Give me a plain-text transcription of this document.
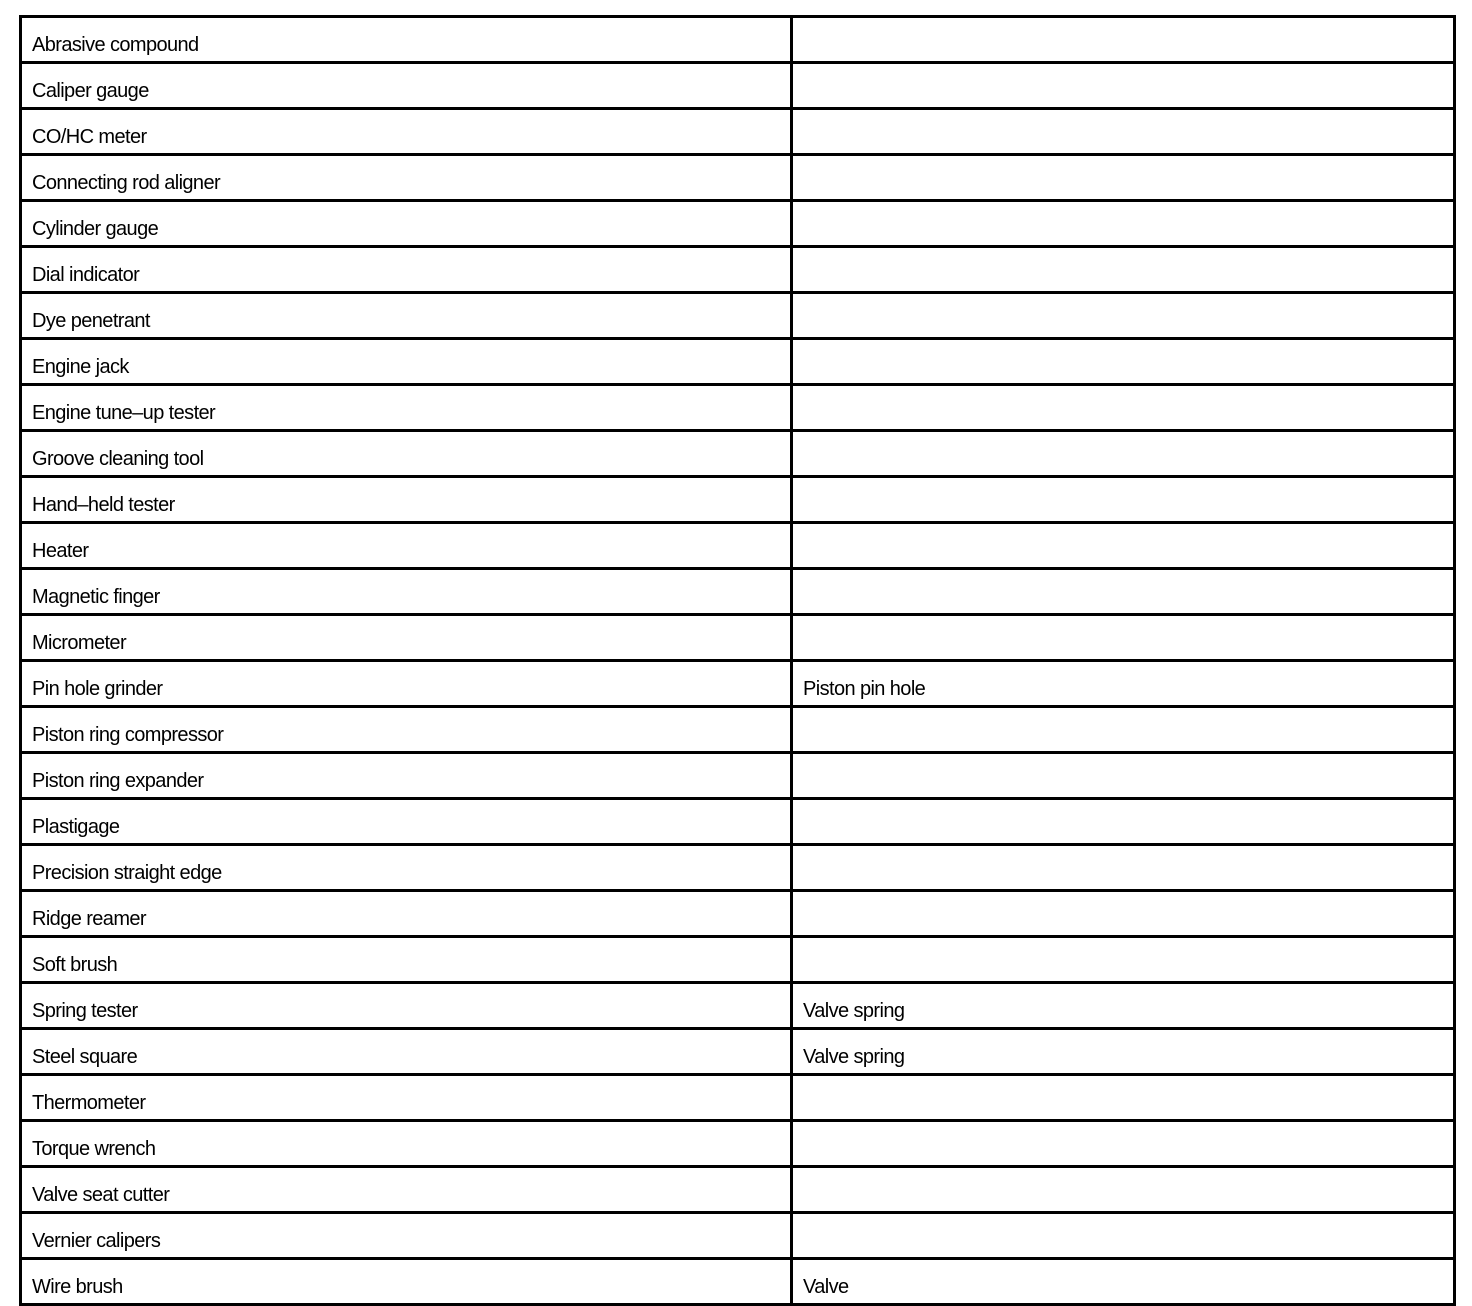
Abrasive compound	
Caliper gauge	
CO/HC meter	
Connecting rod aligner	
Cylinder gauge	
Dial indicator	
Dye penetrant	
Engine jack	
Engine tune–up tester	
Groove cleaning tool	
Hand–held tester	
Heater	
Magnetic finger	
Micrometer	
Pin hole grinder	Piston pin hole
Piston ring compressor	
Piston ring expander	
Plastigage	
Precision straight edge	
Ridge reamer	
Soft brush	
Spring tester	Valve spring
Steel square	Valve spring
Thermometer	
Torque wrench	
Valve seat cutter	
Vernier calipers	
Wire brush	Valve
